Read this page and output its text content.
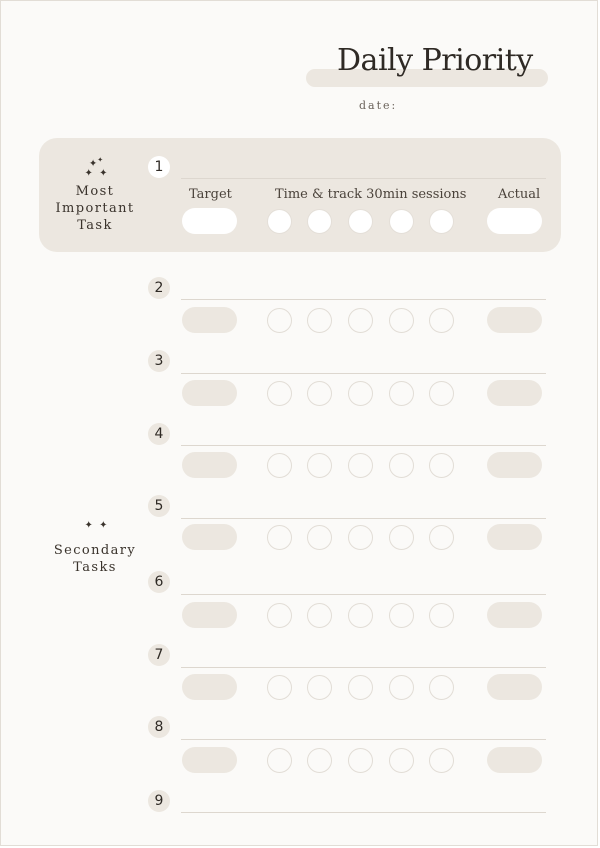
Daily Priority
date:
✦✦
✦  ✦
Most
Important
Task
Target	Time & track 30min sessions Actual
✦  ✦
Secondary
Tasks
1
2
3
4
5
6
7
8
9
